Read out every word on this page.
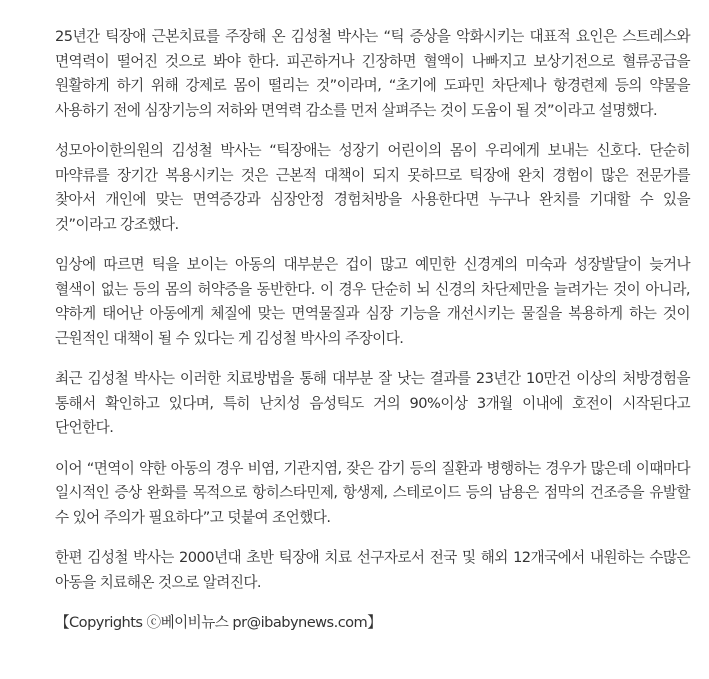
25년간 틱장애 근본치료를 주장해 온 김성철 박사는 “틱 증상을 악화시키는 대표적 요인은 스트레스와 면역력이 떨어진 것으로 봐야 한다. 피곤하거나 긴장하면 혈액이 나빠지고 보상기전으로 혈류공급을 원활하게 하기 위해 강제로 몸이 떨리는 것”이라며, “초기에 도파민 차단제나 항경련제 등의 약물을 사용하기 전에 심장기능의 저하와 면역력 감소를 먼저 살펴주는 것이 도움이 될 것”이라고 설명했다.

성모아이한의원의 김성철 박사는 “틱장애는 성장기 어린이의 몸이 우리에게 보내는 신호다. 단순히 마약류를 장기간 복용시키는 것은 근본적 대책이 되지 못하므로 틱장애 완치 경험이 많은 전문가를 찾아서 개인에 맞는 면역증강과 심장안정 경험처방을 사용한다면 누구나 완치를 기대할 수 있을 것”이라고 강조했다.

임상에 따르면 틱을 보이는 아동의 대부분은 겁이 많고 예민한 신경계의 미숙과 성장발달이 늦거나 혈색이 없는 등의 몸의 허약증을 동반한다. 이 경우 단순히 뇌 신경의 차단제만을 늘려가는 것이 아니라, 약하게 태어난 아동에게 체질에 맞는 면역물질과 심장 기능을 개선시키는 물질을 복용하게 하는 것이 근원적인 대책이 될 수 있다는 게 김성철 박사의 주장이다.

최근 김성철 박사는 이러한 치료방법을 통해 대부분 잘 낫는 결과를 23년간 10만건 이상의 처방경험을 통해서 확인하고 있다며, 특히 난치성 음성틱도 거의 90%이상 3개월 이내에 호전이 시작된다고 단언한다.

이어 “면역이 약한 아동의 경우 비염, 기관지염, 잦은 감기 등의 질환과 병행하는 경우가 많은데 이때마다 일시적인 증상 완화를 목적으로 항히스타민제, 항생제, 스테로이드 등의 남용은 점막의 건조증을 유발할 수 있어 주의가 필요하다”고 덧붙여 조언했다.

한편 김성철 박사는 2000년대 초반 틱장애 치료 선구자로서 전국 및 해외 12개국에서 내원하는 수많은 아동을 치료해온 것으로 알려진다.

【Copyrights ⓒ베이비뉴스 pr@ibabynews.com】
